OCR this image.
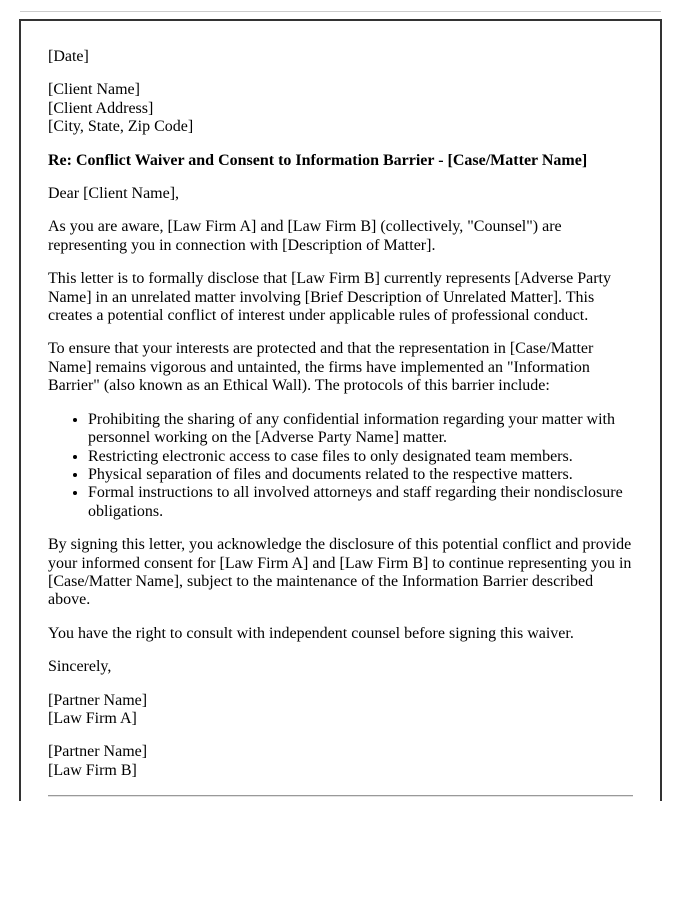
[Date]

[Client Name]
[Client Address]
[City, State, Zip Code]

Re: Conflict Waiver and Consent to Information Barrier - [Case/Matter Name]

Dear [Client Name],

As you are aware, [Law Firm A] and [Law Firm B] (collectively, "Counsel") are representing you in connection with [Description of Matter].

This letter is to formally disclose that [Law Firm B] currently represents [Adverse Party Name] in an unrelated matter involving [Brief Description of Unrelated Matter]. This creates a potential conflict of interest under applicable rules of professional conduct.

To ensure that your interests are protected and that the representation in [Case/Matter Name] remains vigorous and untainted, the firms have implemented an "Information Barrier" (also known as an Ethical Wall). The protocols of this barrier include:

• Prohibiting the sharing of any confidential information regarding your matter with personnel working on the [Adverse Party Name] matter.
• Restricting electronic access to case files to only designated team members.
• Physical separation of files and documents related to the respective matters.
• Formal instructions to all involved attorneys and staff regarding their nondisclosure obligations.

By signing this letter, you acknowledge the disclosure of this potential conflict and provide your informed consent for [Law Firm A] and [Law Firm B] to continue representing you in [Case/Matter Name], subject to the maintenance of the Information Barrier described above.

You have the right to consult with independent counsel before signing this waiver.

Sincerely,

[Partner Name]
[Law Firm A]

[Partner Name]
[Law Firm B]
